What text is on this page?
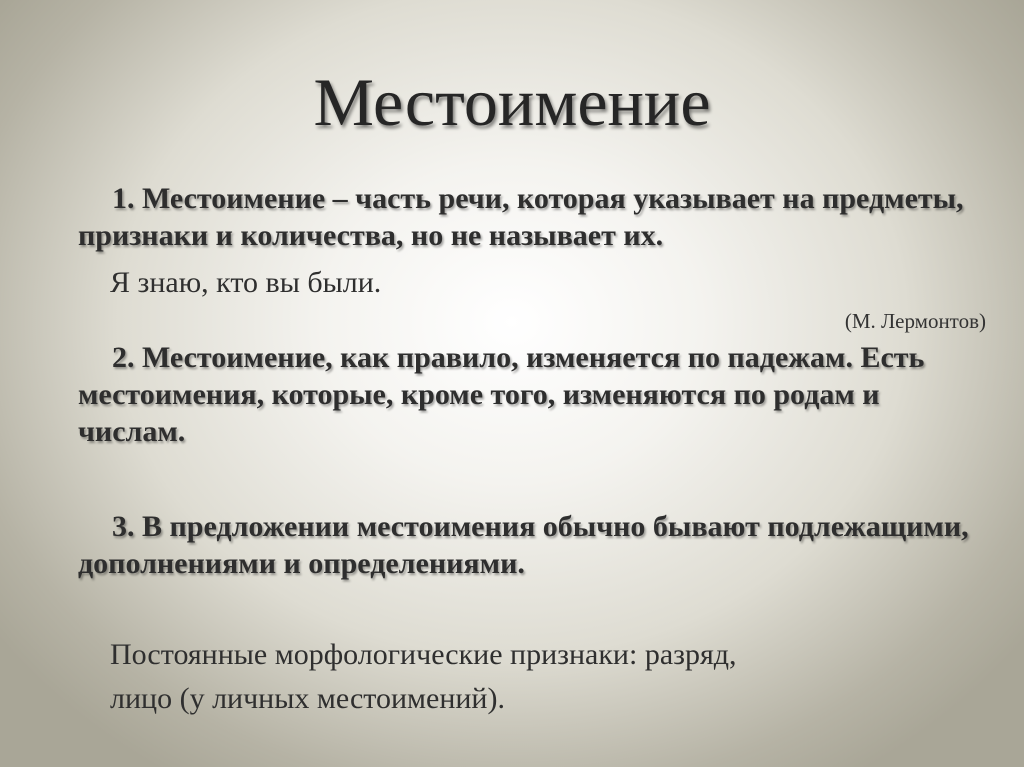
Местоимение
1. Местоимение – часть речи, которая указывает на предметы, признаки и количества, но не называет их.
Я знаю, кто вы были.
(М. Лермонтов)
2. Местоимение, как правило, изменяется по падежам. Есть местоимения, которые, кроме того, изменяются по родам и числам.
3. В предложении местоимения обычно бывают подлежащими, дополнениями и определениями.
Постоянные морфологические признаки: разряд,
лицо (у личных местоимений).
